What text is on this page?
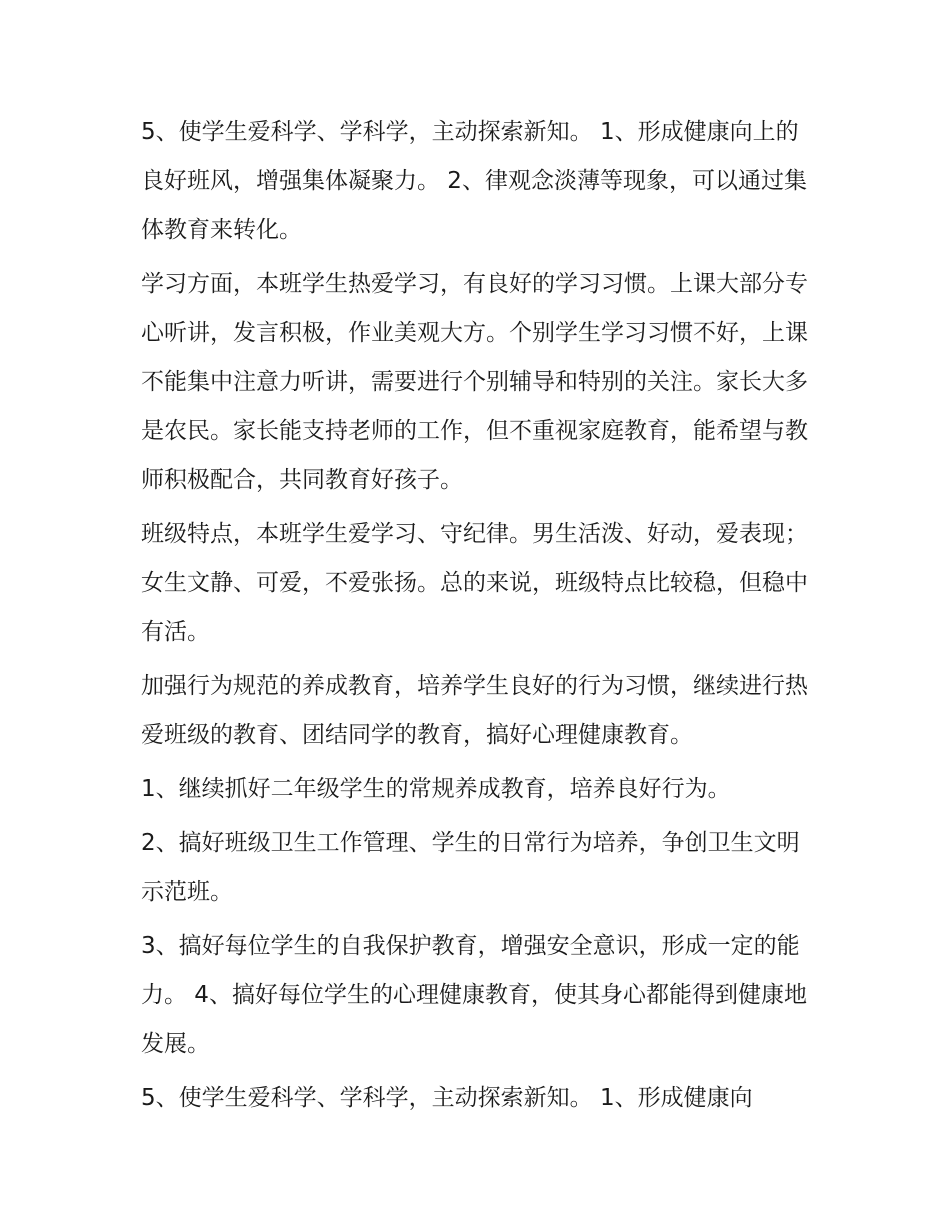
5、使学生爱科学、学科学，主动探索新知。 1、形成健康向上的良好班风，增强集体凝聚力。 2、律观念淡薄等现象，可以通过集体教育来转化。

学习方面，本班学生热爱学习，有良好的学习习惯。上课大部分专心听讲，发言积极，作业美观大方。个别学生学习习惯不好，上课不能集中注意力听讲，需要进行个别辅导和特别的关注。家长大多是农民。家长能支持老师的工作，但不重视家庭教育，能希望与教师积极配合，共同教育好孩子。

班级特点，本班学生爱学习、守纪律。男生活泼、好动，爱表现；女生文静、可爱，不爱张扬。总的来说，班级特点比较稳，但稳中有活。

加强行为规范的养成教育，培养学生良好的行为习惯，继续进行热爱班级的教育、团结同学的教育，搞好心理健康教育。

1、继续抓好二年级学生的常规养成教育，培养良好行为。

2、搞好班级卫生工作管理、学生的日常行为培养，争创卫生文明示范班。

3、搞好每位学生的自我保护教育，增强安全意识，形成一定的能力。 4、搞好每位学生的心理健康教育，使其身心都能得到健康地发展。

5、使学生爱科学、学科学，主动探索新知。 1、形成健康向
